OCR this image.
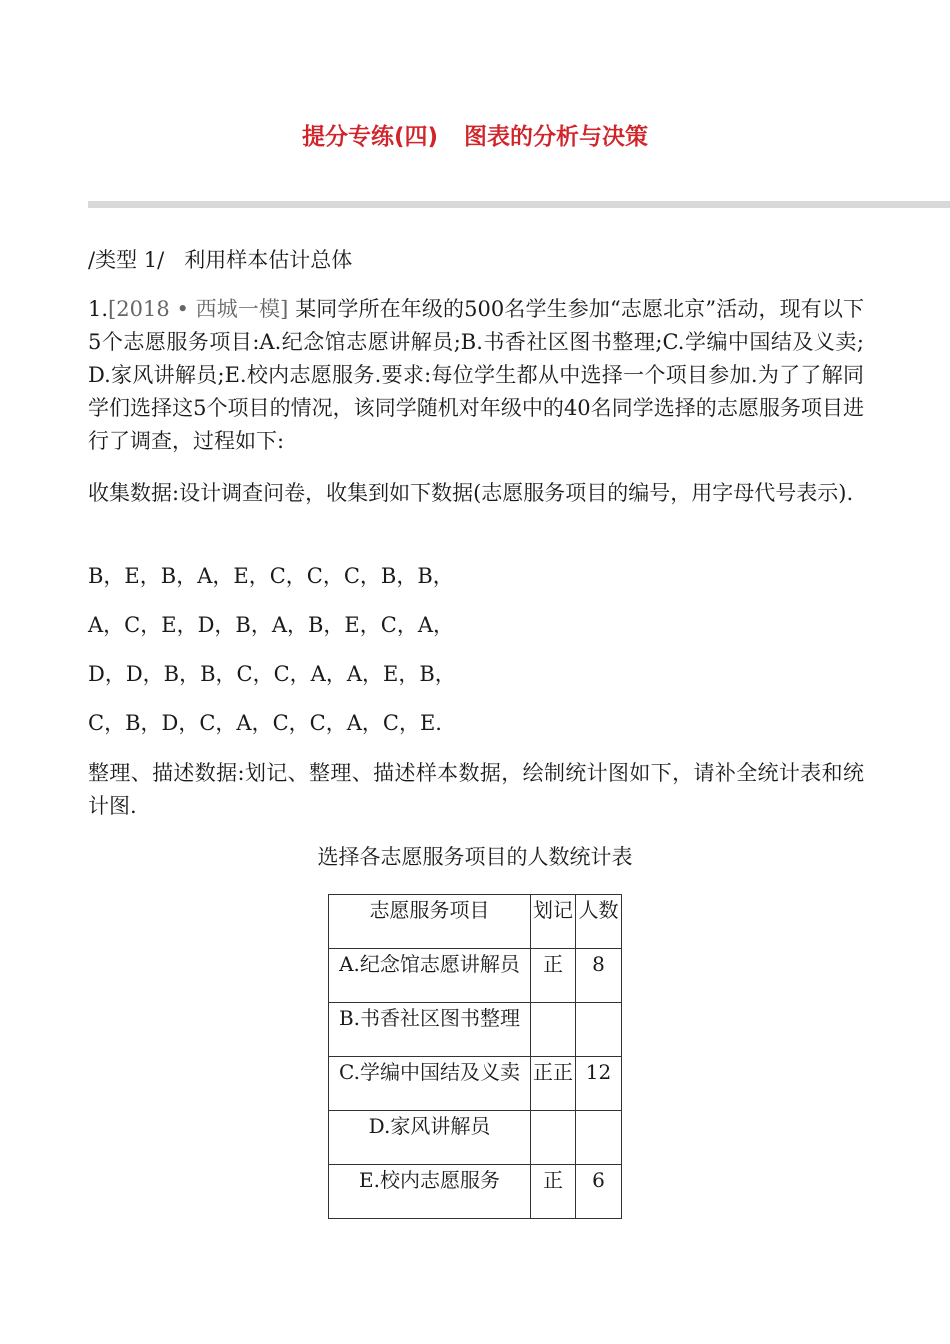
提分专练(四) 图表的分析与决策

/类型 1/ 利用样本估计总体

1.[2018 • 西城一模] 某同学所在年级的500名学生参加“志愿北京”活动，现有以下5个志愿服务项目:A.纪念馆志愿讲解员;B.书香社区图书整理;C.学编中国结及义卖;D.家风讲解员;E.校内志愿服务.要求:每位学生都从中选择一个项目参加.为了了解同学们选择这5个项目的情况，该同学随机对年级中的40名同学选择的志愿服务项目进行了调查，过程如下:

收集数据:设计调查问卷，收集到如下数据(志愿服务项目的编号，用字母代号表示).

B，E，B，A，E，C，C，C，B，B，

A，C，E，D，B，A，B，E，C，A，

D，D，B，B，C，C，A，A，E，B，

C，B，D，C，A，C，C，A，C，E.

整理、描述数据:划记、整理、描述样本数据，绘制统计图如下，请补全统计表和统计图.

选择各志愿服务项目的人数统计表
志愿服务项目	划记	人数
A.纪念馆志愿讲解员	正	8
B.书香社区图书整理		
C.学编中国结及义卖	正正	12
D.家风讲解员		
E.校内志愿服务	正	6
